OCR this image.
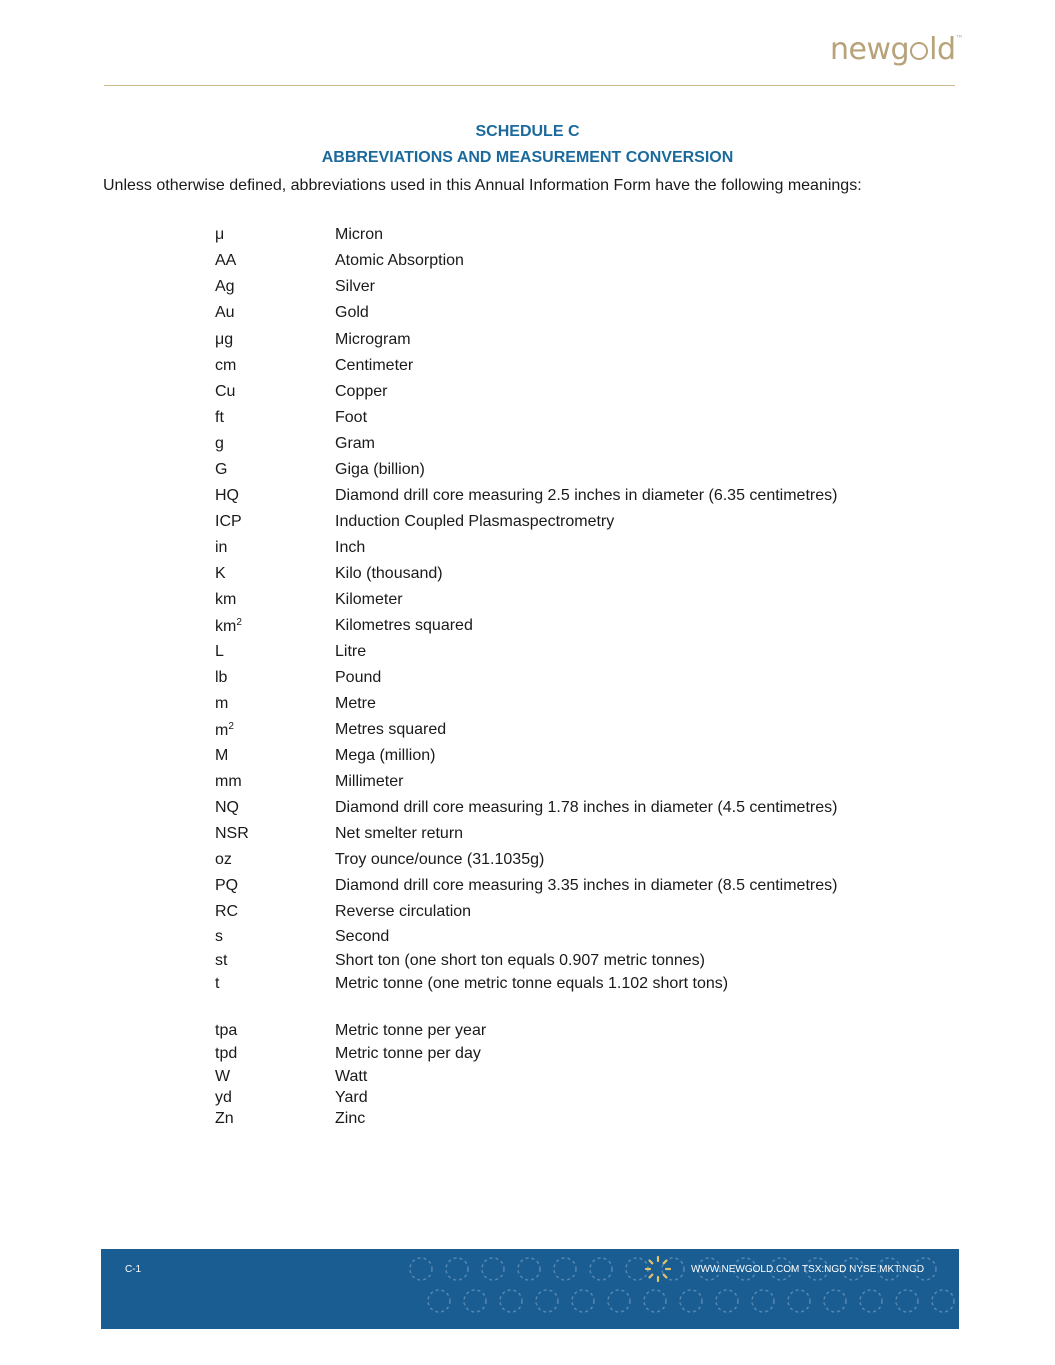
newg ld™
SCHEDULE C
ABBREVIATIONS AND MEASUREMENT CONVERSION
Unless otherwise defined, abbreviations used in this Annual Information Form have the following meanings:
μ	Micron
AA	Atomic Absorption
Ag	Silver
Au	Gold
μg	Microgram
cm	Centimeter
Cu	Copper
ft	Foot
g	Gram
G	Giga (billion)
HQ	Diamond drill core measuring 2.5 inches in diameter (6.35 centimetres)
ICP	Induction Coupled Plasmaspectrometry
in	Inch
K	Kilo (thousand)
km	Kilometer
$km^2$	Kilometres squared
L	Litre
lb	Pound
m	Metre
$m^2$	Metres squared
M	Mega (million)
mm	Millimeter
NQ	Diamond drill core measuring 1.78 inches in diameter (4.5 centimetres)
NSR	Net smelter return
oz	Troy ounce/ounce (31.1035g)
PQ	Diamond drill core measuring 3.35 inches in diameter (8.5 centimetres)
RC	Reverse circulation
s	Second
st	Short ton (one short ton equals 0.907 metric tonnes)
t	Metric tonne (one metric tonne equals 1.102 short tons)
tpa	Metric tonne per year
tpd	Metric tonne per day
W	Watt
yd	Yard
Zn	Zinc
C-1	WWW.NEWGOLD.COM TSX:NGD NYSE MKT:NGD
